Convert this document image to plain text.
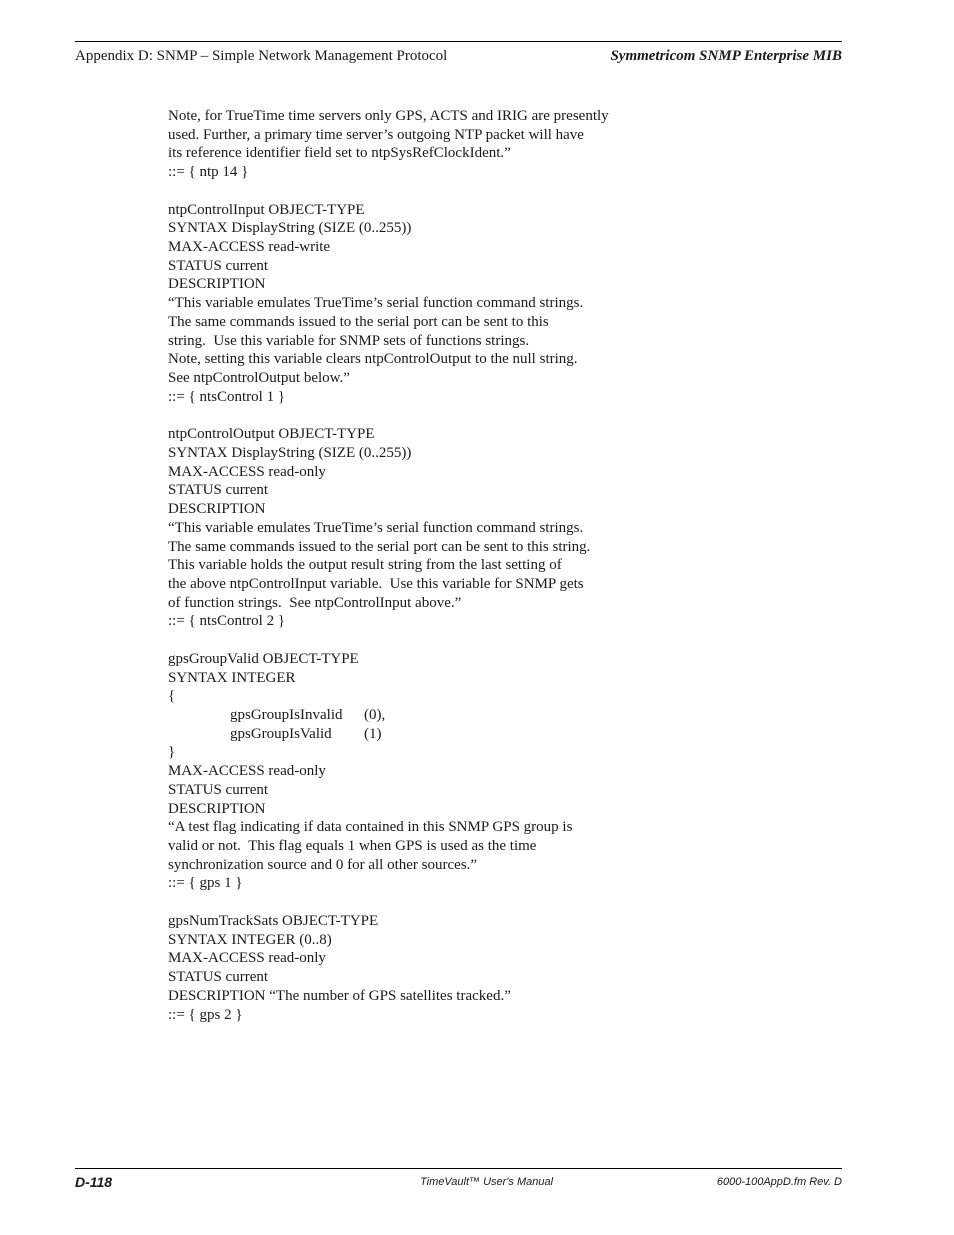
Appendix D: SNMP – Simple Network Management Protocol	Symmetricom SNMP Enterprise MIB
Note, for TrueTime time servers only GPS, ACTS and IRIG are presently
used. Further, a primary time server’s outgoing NTP packet will have
its reference identifier field set to ntpSysRefClockIdent.”
::= { ntp 14 }
ntpControlInput OBJECT-TYPE
SYNTAX DisplayString (SIZE (0..255))
MAX-ACCESS read-write
STATUS current
DESCRIPTION
“This variable emulates TrueTime’s serial function command strings.
The same commands issued to the serial port can be sent to this
string.  Use this variable for SNMP sets of functions strings.
Note, setting this variable clears ntpControlOutput to the null string.
See ntpControlOutput below.”
::= { ntsControl 1 }
ntpControlOutput OBJECT-TYPE
SYNTAX DisplayString (SIZE (0..255))
MAX-ACCESS read-only
STATUS current
DESCRIPTION
“This variable emulates TrueTime’s serial function command strings.
The same commands issued to the serial port can be sent to this string.
This variable holds the output result string from the last setting of
the above ntpControlInput variable.  Use this variable for SNMP gets
of function strings.  See ntpControlInput above.”
::= { ntsControl 2 }
gpsGroupValid OBJECT-TYPE
SYNTAX INTEGER
{
gpsGroupIsInvalid (0),
gpsGroupIsValid (1)
}
MAX-ACCESS read-only
STATUS current
DESCRIPTION
“A test flag indicating if data contained in this SNMP GPS group is
valid or not.  This flag equals 1 when GPS is used as the time
synchronization source and 0 for all other sources.”
::= { gps 1 }
gpsNumTrackSats OBJECT-TYPE
SYNTAX INTEGER (0..8)
MAX-ACCESS read-only
STATUS current
DESCRIPTION “The number of GPS satellites tracked.”
::= { gps 2 }
D-118	TimeVault™ User's Manual	6000-100AppD.fm Rev. D
